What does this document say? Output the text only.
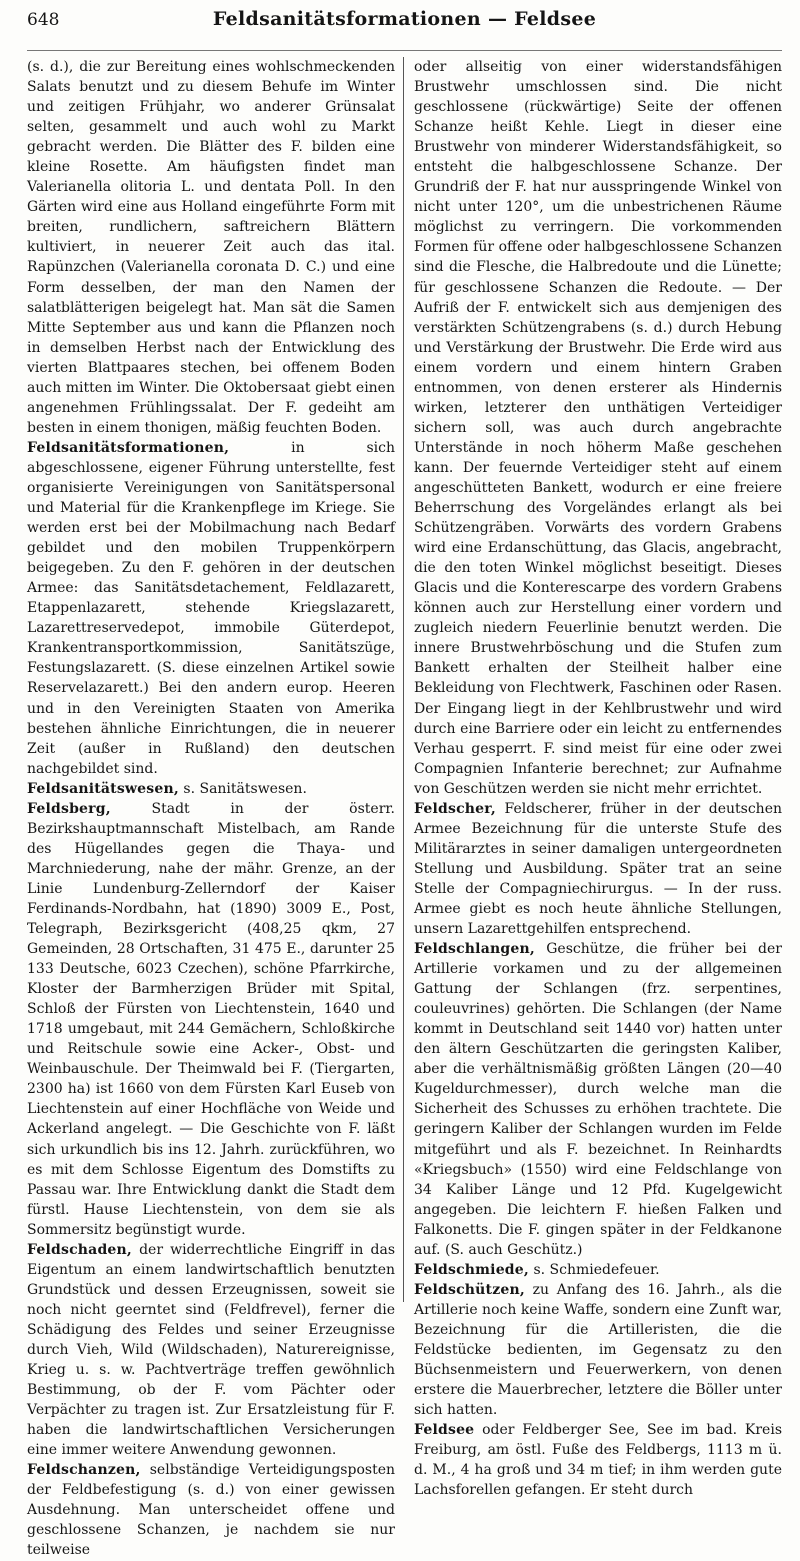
648	Feldsanitätsformationen — Feldsee

(s. d.), die zur Bereitung eines wohlschmeckenden Salats benutzt und zu diesem Behufe im Winter und zeitigen Frühjahr, wo anderer Grünsalat selten, gesammelt und auch wohl zu Markt gebracht werden. Die Blätter des F. bilden eine kleine Rosette. Am häufigsten findet man Valerianella olitoria L. und dentata Poll. In den Gärten wird eine aus Holland eingeführte Form mit breiten, rundlichern, saftreichern Blättern kultiviert, in neuerer Zeit auch das ital. Rapünzchen (Valerianella coronata D. C.) und eine Form desselben, der man den Namen der salatblätterigen beigelegt hat. Man sät die Samen Mitte September aus und kann die Pflanzen noch in demselben Herbst nach der Entwicklung des vierten Blattpaares stechen, bei offenem Boden auch mitten im Winter. Die Oktobersaat giebt einen angenehmen Frühlingssalat. Der F. gedeiht am besten in einem thonigen, mäßig feuchten Boden.

Feldsanitätsformationen,	in sich abgeschlossene, eigener Führung unterstellte, fest organisierte Vereinigungen von Sanitätspersonal und Material für die Krankenpflege im Kriege. Sie werden erst bei der Mobilmachung nach Bedarf gebildet und den mobilen Truppenkörpern beigegeben. Zu den F. gehören in der deutschen Armee: das Sanitätsdetachement, Feldlazarett, Etappenlazarett, stehende Kriegslazarett, Lazarettreservedepot, immobile Güterdepot, Krankentransportkommission, Sanitätszüge, Festungslazarett. (S. diese einzelnen Artikel sowie Reservelazarett.) Bei den andern europ. Heeren und in den Vereinigten Staaten von Amerika bestehen ähnliche Einrichtungen, die in neuerer Zeit (außer in Rußland) den deutschen nachgebildet sind.

Feldsanitätswesen, s. Sanitätswesen.

Feldsberg,	Stadt in der österr. Bezirkshauptmannschaft Mistelbach, am Rande des Hügellandes gegen die Thaya- und Marchniederung, nahe der mähr. Grenze, an der Linie Lundenburg-Zellerndorf der Kaiser Ferdinands-Nordbahn, hat (1890) 3009 E., Post, Telegraph, Bezirksgericht (408,25 qkm, 27 Gemeinden, 28 Ortschaften, 31 475 E., darunter 25 133 Deutsche, 6023 Czechen), schöne Pfarrkirche, Kloster der Barmherzigen Brüder mit Spital, Schloß der Fürsten von Liechtenstein, 1640 und 1718 umgebaut, mit 244 Gemächern, Schloßkirche und Reitschule sowie eine Acker-, Obst- und Weinbauschule. Der Theimwald bei F. (Tiergarten, 2300 ha) ist 1660 von dem Fürsten Karl Euseb von Liechtenstein auf einer Hochfläche von Weide und Ackerland angelegt. — Die Geschichte von F. läßt sich urkundlich bis ins 12. Jahrh. zurückführen, wo es mit dem Schlosse Eigentum des Domstifts zu Passau war. Ihre Entwicklung dankt die Stadt dem fürstl. Hause Liechtenstein, von dem sie als Sommersitz begünstigt wurde.

Feldschaden, der widerrechtliche Eingriff in das Eigentum an einem landwirtschaftlich benutzten Grundstück und dessen Erzeugnissen, soweit sie noch nicht geerntet sind (Feldfrevel), ferner die Schädigung des Feldes und seiner Erzeugnisse durch Vieh, Wild (Wildschaden), Naturereignisse, Krieg u. s. w. Pachtverträge treffen gewöhnlich Bestimmung, ob der F. vom Pächter oder Verpächter zu tragen ist. Zur Ersatzleistung für F. haben die landwirtschaftlichen Versicherungen eine immer weitere Anwendung gewonnen.

Feldschanzen, selbständige Verteidigungsposten der Feldbefestigung (s. d.) von einer gewissen Ausdehnung. Man unterscheidet offene und geschlossene Schanzen, je nachdem sie nur teilweise

oder allseitig von einer widerstandsfähigen Brustwehr umschlossen sind. Die nicht geschlossene (rückwärtige) Seite der offenen Schanze heißt Kehle. Liegt in dieser eine Brustwehr von minderer Widerstandsfähigkeit, so entsteht die halbgeschlossene Schanze. Der Grundriß der F. hat nur ausspringende Winkel von nicht unter 120°, um die unbestrichenen Räume möglichst zu verringern. Die vorkommenden Formen für offene oder halbgeschlossene Schanzen sind die Flesche, die Halbredoute und die Lünette; für geschlossene Schanzen die Redoute. — Der Aufriß der F. entwickelt sich aus demjenigen des verstärkten Schützengrabens (s. d.) durch Hebung und Verstärkung der Brustwehr. Die Erde wird aus einem vordern und einem hintern Graben entnommen, von denen ersterer als Hindernis wirken, letzterer den unthätigen Verteidiger sichern soll, was auch durch angebrachte Unterstände in noch höherm Maße geschehen kann. Der feuernde Verteidiger steht auf einem angeschütteten Bankett, wodurch er eine freiere Beherrschung des Vorgeländes erlangt als bei Schützengräben. Vorwärts des vordern Grabens wird eine Erdanschüttung, das Glacis, angebracht, die den toten Winkel möglichst beseitigt. Dieses Glacis und die Konterescarpe des vordern Grabens können auch zur Herstellung einer vordern und zugleich niedern Feuerlinie benutzt werden. Die innere Brustwehrböschung und die Stufen zum Bankett erhalten der Steilheit halber eine Bekleidung von Flechtwerk, Faschinen oder Rasen. Der Eingang liegt in der Kehlbrustwehr und wird durch eine Barriere oder ein leicht zu entfernendes Verhau gesperrt. F. sind meist für eine oder zwei Compagnien Infanterie berechnet; zur Aufnahme von Geschützen werden sie nicht mehr errichtet.

Feldscher, Feldscherer, früher in der deutschen Armee Bezeichnung für die unterste Stufe des Militärarztes in seiner damaligen untergeordneten Stellung und Ausbildung. Später trat an seine Stelle der Compagniechirurgus. — In der russ. Armee giebt es noch heute ähnliche Stellungen, unsern Lazarettgehilfen entsprechend.

Feldschlangen, Geschütze, die früher bei der Artillerie vorkamen und zu der allgemeinen Gattung der Schlangen (frz. serpentines, couleuvrines) gehörten. Die Schlangen (der Name kommt in Deutschland seit 1440 vor) hatten unter den ältern Geschützarten die geringsten Kaliber, aber die verhältnismäßig größten Längen (20—40 Kugeldurchmesser), durch welche man die Sicherheit des Schusses zu erhöhen trachtete. Die geringern Kaliber der Schlangen wurden im Felde mitgeführt und als F. bezeichnet. In Reinhardts «Kriegsbuch» (1550) wird eine Feldschlange von 34 Kaliber Länge und 12 Pfd. Kugelgewicht angegeben. Die leichtern F. hießen Falken und Falkonetts. Die F. gingen später in der Feldkanone auf. (S. auch Geschütz.)

Feldschmiede, s. Schmiedefeuer.

Feldschützen, zu Anfang des 16. Jahrh., als die Artillerie noch keine Waffe, sondern eine Zunft war, Bezeichnung für die Artilleristen, die die Feldstücke bedienten, im Gegensatz zu den Büchsenmeistern und Feuerwerkern, von denen erstere die Mauerbrecher, letztere die Böller unter sich hatten.

Feldsee oder Feldberger See, See im bad. Kreis Freiburg, am östl. Fuße des Feldbergs, 1113 m ü. d. M., 4 ha groß und 34 m tief; in ihm werden gute Lachsforellen gefangen. Er steht durch
